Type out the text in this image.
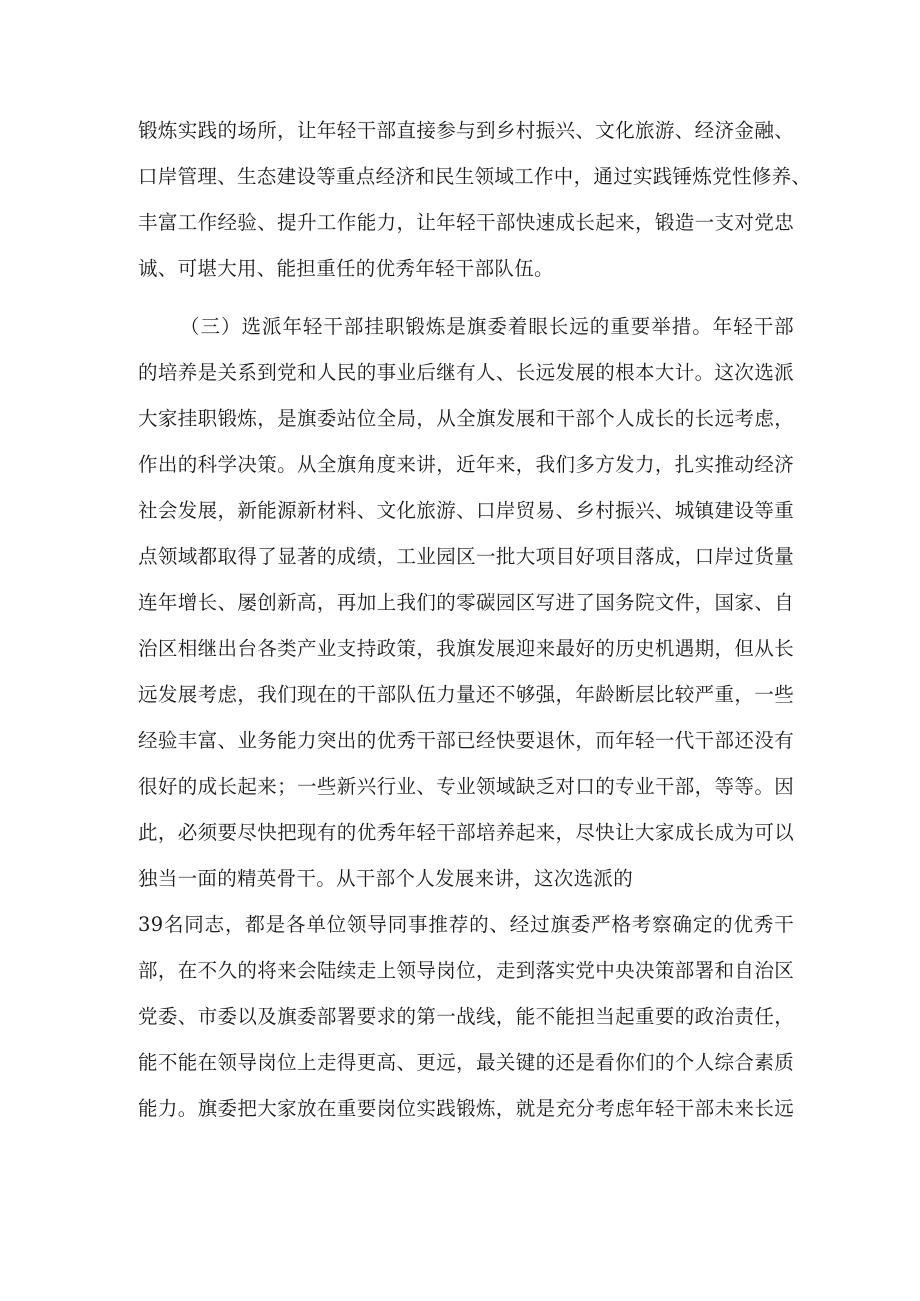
锻炼实践的场所，让年轻干部直接参与到乡村振兴、文化旅游、经济金融、
口岸管理、生态建设等重点经济和民生领域工作中，通过实践锤炼党性修养、
丰富工作经验、提升工作能力，让年轻干部快速成长起来，锻造一支对党忠
诚、可堪大用、能担重任的优秀年轻干部队伍。
（三）选派年轻干部挂职锻炼是旗委着眼长远的重要举措。年轻干部
的培养是关系到党和人民的事业后继有人、长远发展的根本大计。这次选派
大家挂职锻炼，是旗委站位全局，从全旗发展和干部个人成长的长远考虑，
作出的科学决策。从全旗角度来讲，近年来，我们多方发力，扎实推动经济
社会发展，新能源新材料、文化旅游、口岸贸易、乡村振兴、城镇建设等重
点领域都取得了显著的成绩，工业园区一批大项目好项目落成，口岸过货量
连年增长、屡创新高，再加上我们的零碳园区写进了国务院文件，国家、自
治区相继出台各类产业支持政策，我旗发展迎来最好的历史机遇期，但从长
远发展考虑，我们现在的干部队伍力量还不够强，年龄断层比较严重，一些
经验丰富、业务能力突出的优秀干部已经快要退休，而年轻一代干部还没有
很好的成长起来；一些新兴行业、专业领域缺乏对口的专业干部，等等。因
此，必须要尽快把现有的优秀年轻干部培养起来，尽快让大家成长成为可以
独当一面的精英骨干。从干部个人发展来讲，这次选派的
39名同志，都是各单位领导同事推荐的、经过旗委严格考察确定的优秀干
部，在不久的将来会陆续走上领导岗位，走到落实党中央决策部署和自治区
党委、市委以及旗委部署要求的第一战线，能不能担当起重要的政治责任，
能不能在领导岗位上走得更高、更远，最关键的还是看你们的个人综合素质
能力。旗委把大家放在重要岗位实践锻炼，就是充分考虑年轻干部未来长远
